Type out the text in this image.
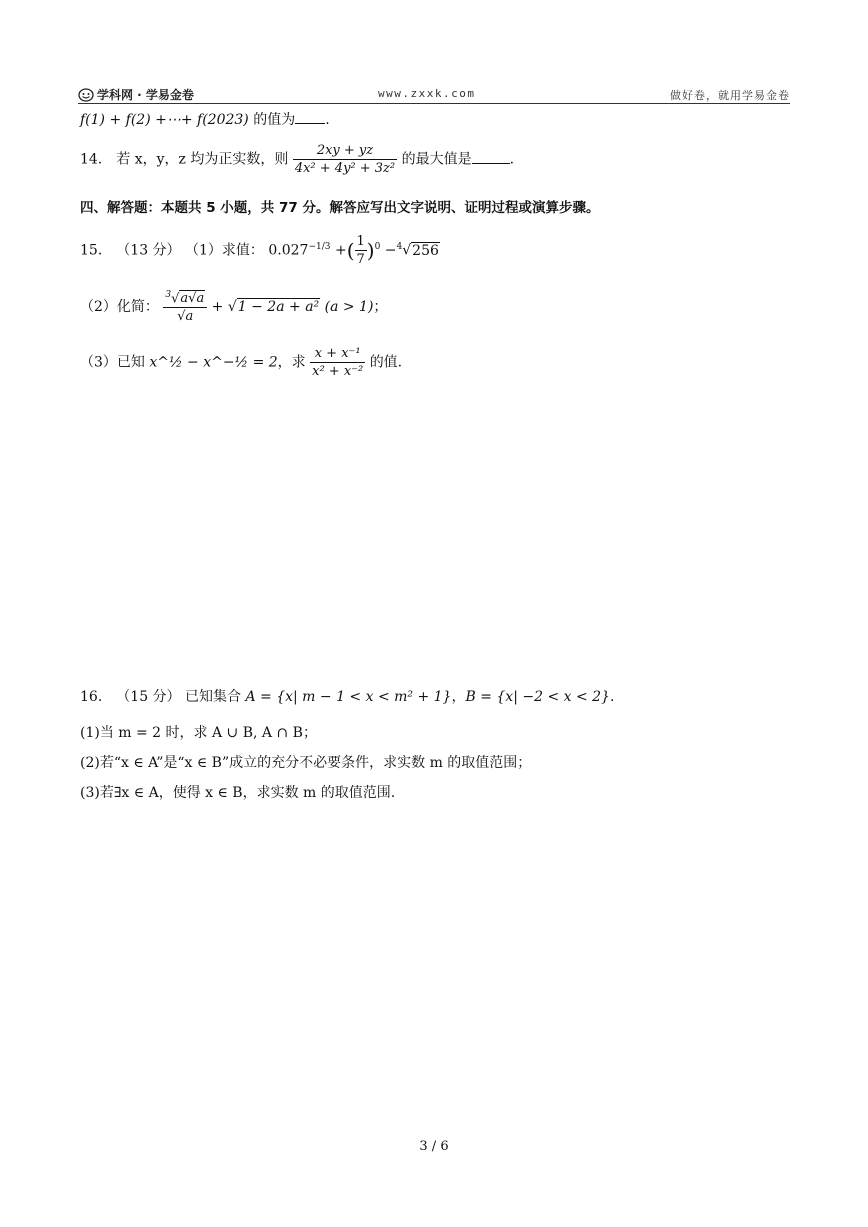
学科网 · 学易金卷	www.zxxk.com	做好卷，就用学易金卷
f(1) + f(2) +⋯+ f(2023) 的值为 .
14． 若 x，y，z 均为正实数，则 $\frac{2xy + yz}{\text{4x² + 4y² + 3z²}}$ 的最大值是	.
四、解答题：本题共 5 小题，共 77 分。解答应写出文字说明、证明过程或演算步骤。
15． （13 分） （1）求值： $0.027^{-1/3}$ +( $\frac{1}{7} )^0 -^4√256$
（2）化简： $\frac{^3√a√a}{√a} + √1 - 2a + a^2$ (a > 1)；
（3）已知 x^½ − x^−½ = 2，求 $\frac{\text{x + x⁻¹}}{\text{x² + x⁻²}}$ 的值.
16． （15 分） 已知集合 A = {x| m − 1 < x < m² + 1}，B = {x| −2 < x < 2}.
(1)当 m = 2 时，求 A ∪ B, A ∩ B；
(2)若“x ∈ A”是“x ∈ B”成立的充分不必要条件，求实数 m 的取值范围；
(3)若∃x ∈ A，使得 x ∈ B，求实数 m 的取值范围.
3 / 6
